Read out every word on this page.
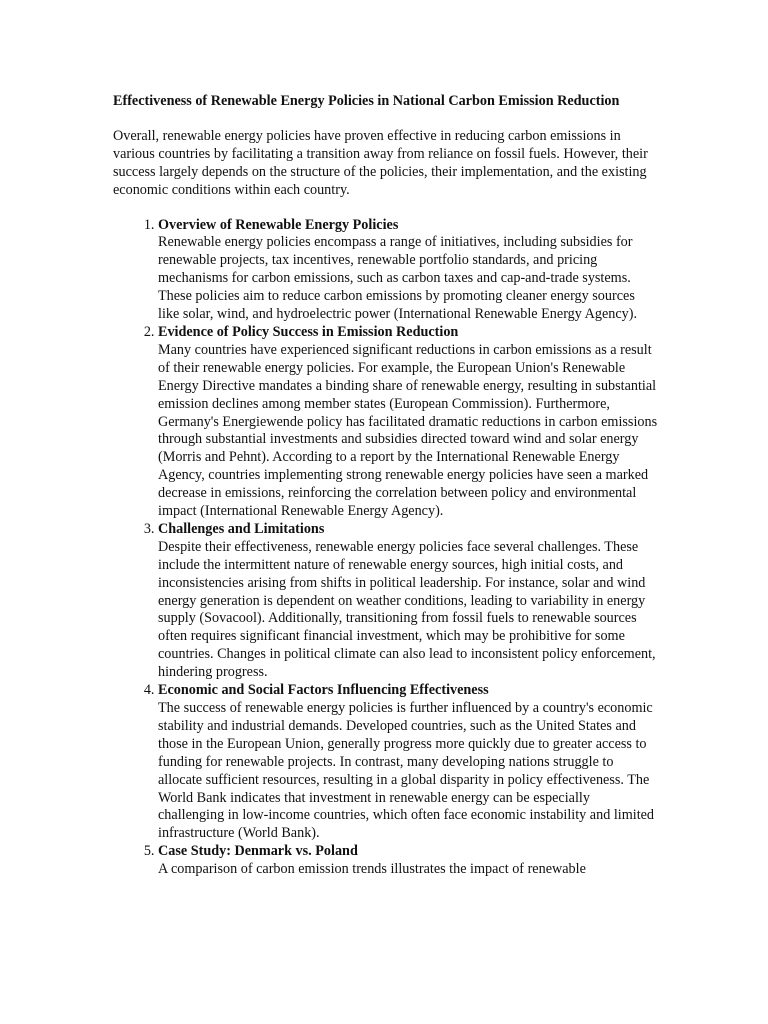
Effectiveness of Renewable Energy Policies in National Carbon Emission Reduction
Overall, renewable energy policies have proven effective in reducing carbon emissions in various countries by facilitating a transition away from reliance on fossil fuels. However, their success largely depends on the structure of the policies, their implementation, and the existing economic conditions within each country.
1. Overview of Renewable Energy Policies
Renewable energy policies encompass a range of initiatives, including subsidies for renewable projects, tax incentives, renewable portfolio standards, and pricing mechanisms for carbon emissions, such as carbon taxes and cap-and-trade systems. These policies aim to reduce carbon emissions by promoting cleaner energy sources like solar, wind, and hydroelectric power (International Renewable Energy Agency).
2. Evidence of Policy Success in Emission Reduction
Many countries have experienced significant reductions in carbon emissions as a result of their renewable energy policies. For example, the European Union's Renewable Energy Directive mandates a binding share of renewable energy, resulting in substantial emission declines among member states (European Commission). Furthermore, Germany's Energiewende policy has facilitated dramatic reductions in carbon emissions through substantial investments and subsidies directed toward wind and solar energy (Morris and Pehnt). According to a report by the International Renewable Energy Agency, countries implementing strong renewable energy policies have seen a marked decrease in emissions, reinforcing the correlation between policy and environmental impact (International Renewable Energy Agency).
3. Challenges and Limitations
Despite their effectiveness, renewable energy policies face several challenges. These include the intermittent nature of renewable energy sources, high initial costs, and inconsistencies arising from shifts in political leadership. For instance, solar and wind energy generation is dependent on weather conditions, leading to variability in energy supply (Sovacool). Additionally, transitioning from fossil fuels to renewable sources often requires significant financial investment, which may be prohibitive for some countries. Changes in political climate can also lead to inconsistent policy enforcement, hindering progress.
4. Economic and Social Factors Influencing Effectiveness
The success of renewable energy policies is further influenced by a country's economic stability and industrial demands. Developed countries, such as the United States and those in the European Union, generally progress more quickly due to greater access to funding for renewable projects. In contrast, many developing nations struggle to allocate sufficient resources, resulting in a global disparity in policy effectiveness. The World Bank indicates that investment in renewable energy can be especially challenging in low-income countries, which often face economic instability and limited infrastructure (World Bank).
5. Case Study: Denmark vs. Poland
A comparison of carbon emission trends illustrates the impact of renewable
